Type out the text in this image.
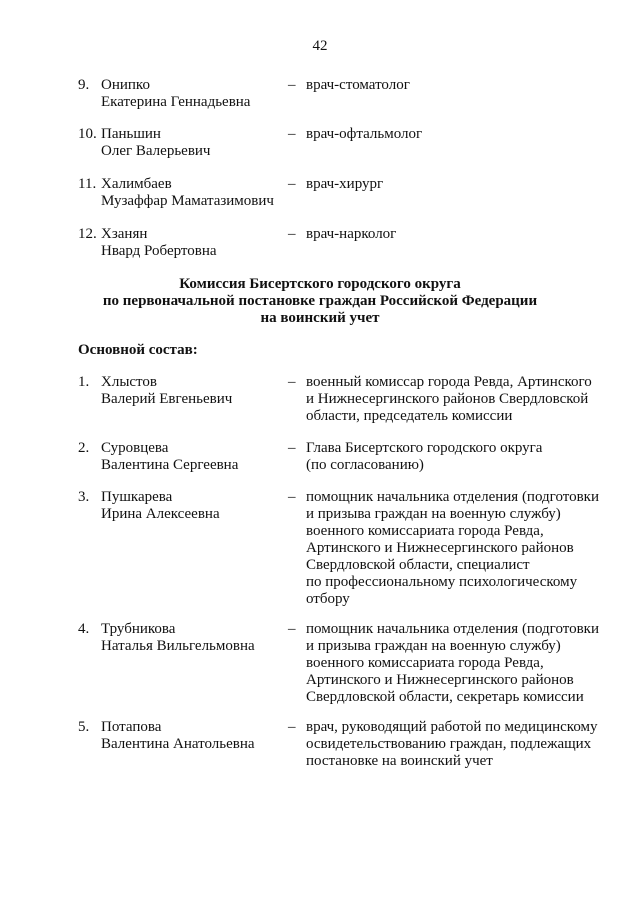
42
9. Онипко
Екатерина Геннадьевна
– врач-стоматолог
10. Паньшин
Олег Валерьевич
– врач-офтальмолог
11. Халимбаев
Музаффар Маматазимович
– врач-хирург
12. Хзанян
Нвард Робертовна
– врач-нарколог
Комиссия Бисертского городского округа
по первоначальной постановке граждан Российской Федерации
на воинский учет
Основной состав:
1. Хлыстов
Валерий Евгеньевич
– военный комиссар города Ревда, Артинского
и Нижнесергинского районов Свердловской
области, председатель комиссии
2. Суровцева
Валентина Сергеевна
– Глава Бисертского городского округа
(по согласованию)
3. Пушкарева
Ирина Алексеевна
– помощник начальника отделения (подготовки
и призыва граждан на военную службу)
военного комиссариата города Ревда,
Артинского и Нижнесергинского районов
Свердловской области, специалист
по профессиональному психологическому
отбору
4. Трубникова
Наталья Вильгельмовна
– помощник начальника отделения (подготовки
и призыва граждан на военную службу)
военного комиссариата города Ревда,
Артинского и Нижнесергинского районов
Свердловской области, секретарь комиссии
5. Потапова
Валентина Анатольевна
– врач, руководящий работой по медицинскому
освидетельствованию граждан, подлежащих
постановке на воинский учет
